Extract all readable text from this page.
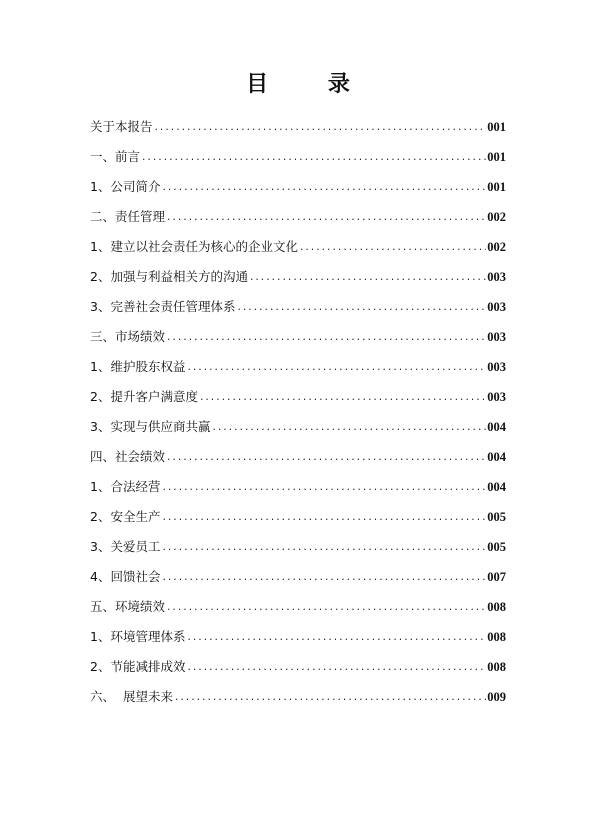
目 录
关于本报告 .....	001
一、前言 .....	001
1、公司简介 .....	001
二、责任管理 .....	002
1、建立以社会责任为核心的企业文化 .....	002
2、加强与利益相关方的沟通 .....	003
3、完善社会责任管理体系 .....	003
三、市场绩效 .....	003
1、维护股东权益 .....	003
2、提升客户满意度 .....	003
3、实现与供应商共赢 .....	004
四、社会绩效 .....	004
1、合法经营 .....	004
2、安全生产 .....	005
3、关爱员工 .....	005
4、回馈社会 .....	007
五、环境绩效 .....	008
1、环境管理体系 .....	008
2、节能减排成效 .....	008
六、  展望未来 .....	009
